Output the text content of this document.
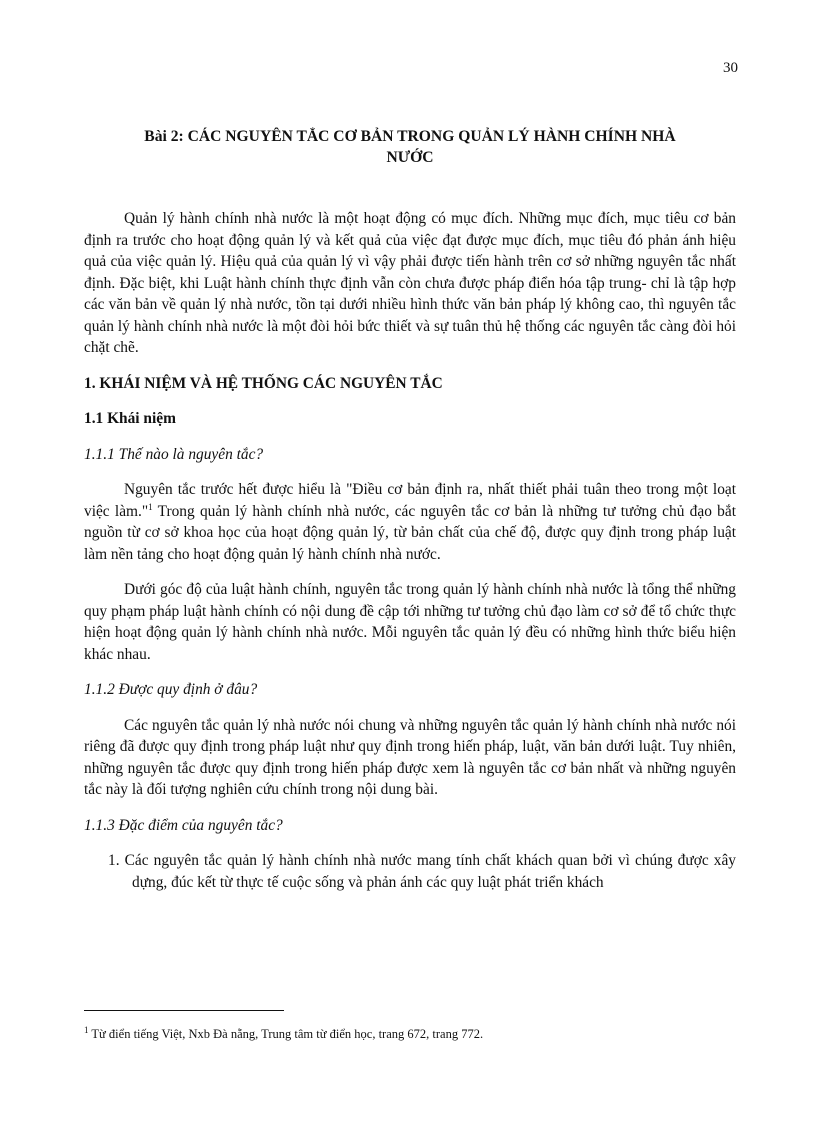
30
Bài 2: CÁC NGUYÊN TẮC CƠ BẢN TRONG QUẢN LÝ HÀNH CHÍNH NHÀ NƯỚC

Quản lý hành chính nhà nước là một hoạt động có mục đích. Những mục đích, mục tiêu cơ bản định ra trước cho hoạt động quản lý và kết quả của việc đạt được mục đích, mục tiêu đó phản ánh hiệu quả của việc quản lý. Hiệu quả của quản lý vì vậy phải được tiến hành trên cơ sở những nguyên tắc nhất định. Đặc biệt, khi Luật hành chính thực định vẫn còn chưa được pháp điển hóa tập trung- chỉ là tập hợp các văn bản về quản lý nhà nước, tồn tại dưới nhiều hình thức văn bản pháp lý không cao, thì nguyên tắc quản lý hành chính nhà nước là một đòi hỏi bức thiết và sự tuân thủ hệ thống các nguyên tắc càng đòi hỏi chặt chẽ.

1. KHÁI NIỆM VÀ HỆ THỐNG CÁC NGUYÊN TẮC
1.1 Khái niệm
1.1.1 Thế nào là nguyên tắc?

Nguyên tắc trước hết được hiểu là "Điều cơ bản định ra, nhất thiết phải tuân theo trong một loạt việc làm."$^1$ Trong quản lý hành chính nhà nước, các nguyên tắc cơ bản là những tư tưởng chủ đạo bắt nguồn từ cơ sở khoa học của hoạt động quản lý, từ bản chất của chế độ, được quy định trong pháp luật làm nền tảng cho hoạt động quản lý hành chính nhà nước.

Dưới góc độ của luật hành chính, nguyên tắc trong quản lý hành chính nhà nước là tổng thể những quy phạm pháp luật hành chính có nội dung đề cập tới những tư tưởng chủ đạo làm cơ sở để tổ chức thực hiện hoạt động quản lý hành chính nhà nước. Mỗi nguyên tắc quản lý đều có những hình thức biểu hiện khác nhau.

1.1.2 Được quy định ở đâu?

Các nguyên tắc quản lý nhà nước nói chung và những nguyên tắc quản lý hành chính nhà nước nói riêng đã được quy định trong pháp luật như quy định trong hiến pháp, luật, văn bản dưới luật. Tuy nhiên, những nguyên tắc được quy định trong hiến pháp được xem là nguyên tắc cơ bản nhất và những nguyên tắc này là đối tượng nghiên cứu chính trong nội dung bài.

1.1.3 Đặc điểm của nguyên tắc?

1. Các nguyên tắc quản lý hành chính nhà nước mang tính chất khách quan bởi vì chúng được xây dựng, đúc kết từ thực tế cuộc sống và phản ánh các quy luật phát triển khách

$^1$ Từ điển tiếng Việt, Nxb Đà nẵng, Trung tâm từ điển học, trang 672, trang 772.
